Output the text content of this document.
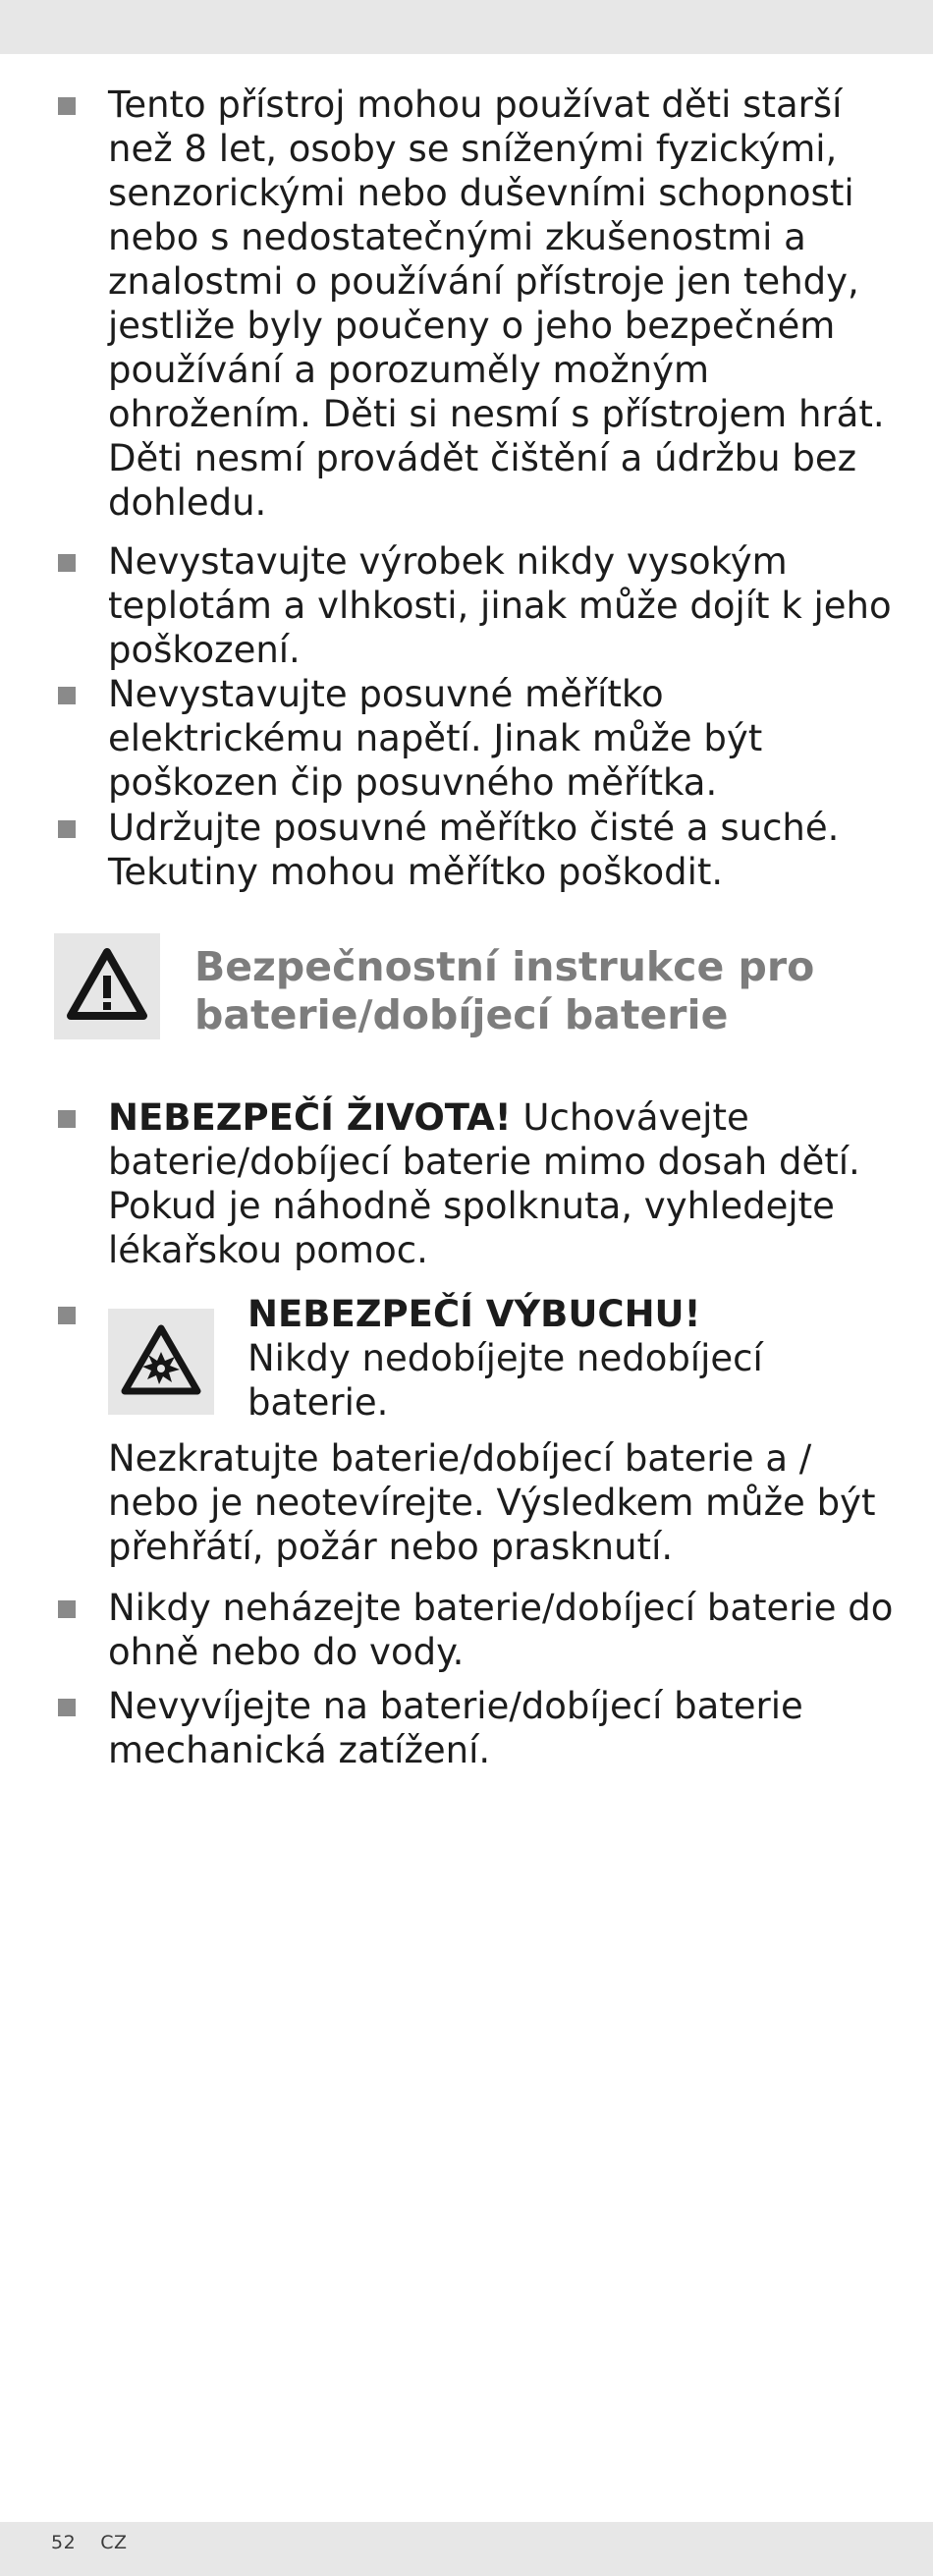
Tento přístroj mohou používat děti starší než 8 let, osoby se sníženými fyzickými, senzorickými nebo duševními schopnosti nebo s nedostatečnými zkušenostmi a znalostmi o používání přístroje jen tehdy, jestliže byly poučeny o jeho bezpečném používání a porozuměly možným ohrožením. Děti si nesmí s přístrojem hrát. Děti nesmí provádět čištění a údržbu bez dohledu.
Nevystavujte výrobek nikdy vysokým teplotám a vlhkosti, jinak může dojít k jeho poškození.
Nevystavujte posuvné měřítko elektrickému napětí. Jinak může být poškozen čip posuvného měřítka.
Udržujte posuvné měřítko čisté a suché. Tekutiny mohou měřítko poškodit.
Bezpečnostní instrukce pro
baterie/dobíjecí baterie
NEBEZPEČÍ ŽIVOTA! Uchovávejte baterie/dobíjecí baterie mimo dosah dětí. Pokud je náhodně spolknuta, vyhledejte lékařskou pomoc.
NEBEZPEČÍ VÝBUCHU!
Nikdy nedobíjejte nedobíjecí
baterie.
Nezkratujte baterie/dobíjecí baterie a / nebo je neotevírejte. Výsledkem může být přehřátí, požár nebo prasknutí.
Nikdy neházejte baterie/dobíjecí baterie do ohně nebo do vody.
Nevyvíjejte na baterie/dobíjecí baterie mechanická zatížení.
52 CZ
